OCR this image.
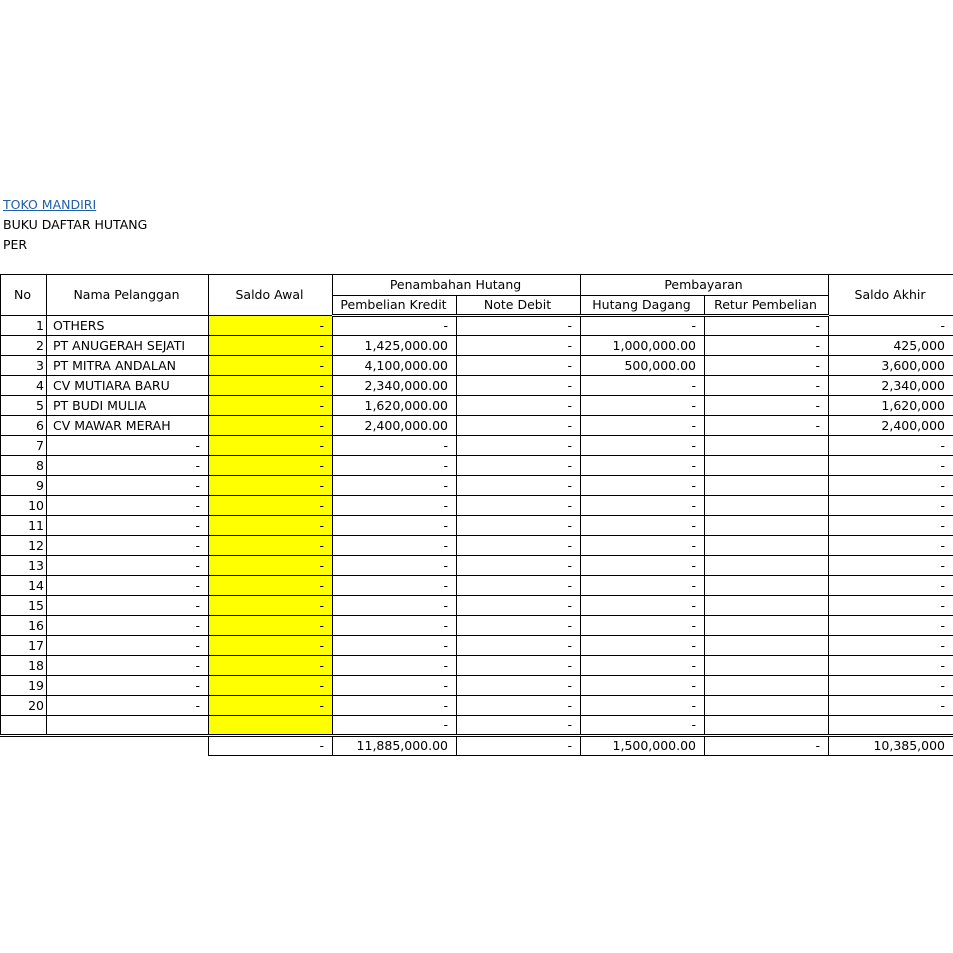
TOKO MANDIRI
BUKU DAFTAR HUTANG
PER
No	Nama Pelanggan	Saldo Awal	Penambahan Hutang		Pembayaran		Saldo Akhir
			Pembelian Kredit	Note Debit	Hutang Dagang	Retur Pembelian	
1	OTHERS	-	-	-	-	-	-
2	PT ANUGERAH SEJATI	-	1,425,000.00	-	1,000,000.00	-	425,000
3	PT MITRA ANDALAN	-	4,100,000.00	-	500,000.00	-	3,600,000
4	CV MUTIARA BARU	-	2,340,000.00	-	-	-	2,340,000
5	PT BUDI MULIA	-	1,620,000.00	-	-	-	1,620,000
6	CV MAWAR MERAH	-	2,400,000.00	-	-	-	2,400,000
7	-	-	-	-	-		-
8	-	-	-	-	-		-
9	-	-	-	-	-		-
10	-	-	-	-	-		-
11	-	-	-	-	-		-
12	-	-	-	-	-		-
13	-	-	-	-	-		-
14	-	-	-	-	-		-
15	-	-	-	-	-		-
16	-	-	-	-	-		-
17	-	-	-	-	-		-
18	-	-	-	-	-		-
19	-	-	-	-	-		-
20	-	-	-	-	-		-
			-	-	-		
		-	11,885,000.00	-	1,500,000.00	-	10,385,000
